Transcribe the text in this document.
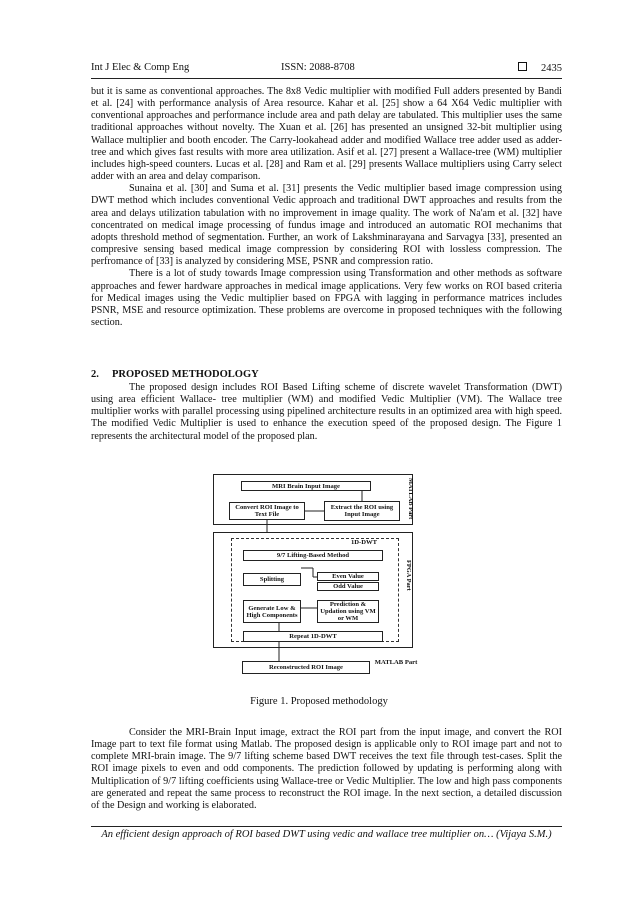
Int J Elec & Comp Eng	ISSN: 2088-8708	2435

but it is same as conventional approaches. The 8x8 Vedic multiplier with modified Full adders presented by Bandi et al. [24] with performance analysis of Area resource. Kahar et al. [25] show a 64 X64 Vedic multiplier with conventional approaches and performance include area and path delay are tabulated. This multiplier uses the same traditional approaches without novelty. The Xuan et al. [26] has presented an unsigned 32-bit multiplier using Wallace multiplier and booth encoder. The Carry-lookahead adder and modified Wallace tree adder used as adder-tree and which gives fast results with more area utilization. Asif et al. [27] present a Wallace-tree (WM) multiplier includes high-speed counters. Lucas et al. [28] and Ram et al. [29] presents Wallace multipliers using Carry select adder with an area and delay comparison.

Sunaina et al. [30] and Suma et al. [31] presents the Vedic multiplier based image compression using DWT method which includes conventional Vedic approach and traditional DWT approaches and results from the area and delays utilization tabulation with no improvement in image quality. The work of Na'am et al. [32] have concentrated on medical image processing of fundus image and introduced an automatic ROI mechanims that adopts threshold method of segmentation. Further, an work of Lakshminarayana and Sarvagya [33], presented an compresive sensing based medical image compression by considering ROI with lossless compression. The perfromance of [33] is analyzed by considering MSE, PSNR and compression ratio.

There is a lot of study towards Image compression using Transformation and other methods as software approaches and fewer hardware approaches in medical image applications. Very few works on ROI based criteria for Medical images using the Vedic multiplier based on FPGA with lagging in performance matrices includes PSNR, MSE and resource optimization. These problems are overcome in proposed techniques with the following section.

2. PROPOSED METHODOLOGY

The proposed design includes ROI Based Lifting scheme of discrete wavelet Transformation (DWT) using area efficient Wallace- tree multiplier (WM) and modified Vedic Multiplier (VM). The Wallace tree multiplier works with parallel processing using pipelined architecture results in an optimized area with high speed. The modified Vedic Multiplier is used to enhance the execution speed of the proposed design. The Figure 1 represents the architectural model of the proposed plan.

MRI Brain Input Image
Convert ROI Image to Text File
Extract the ROI using Input Image	MATLAB Part
1D-DWT
9/7 Lifting-Based Method
Splitting	Even Value
Odd Value
Generate Low & High Components
Prediction & Updation using VM or WM
Repeat 1D-DWT
FPGA Part
Reconstructed ROI Image
MATLAB Part
Figure 1. Proposed methodology

Consider the MRI-Brain Input image, extract the ROI part from the input image, and convert the ROI Image part to text file format using Matlab. The proposed design is applicable only to ROI image part and not to complete MRI-brain image. The 9/7 lifting scheme based DWT receives the text file through test-cases. Split the ROI image pixels to even and odd components. The prediction followed by updating is performing along with Multiplication of 9/7 lifting coefficients using Wallace-tree or Vedic Multiplier. The low and high pass components are generated and repeat the same process to reconstruct the ROI image. In the next section, a detailed discussion of the Design and working is elaborated.

An efficient design approach of ROI based DWT using vedic and wallace tree multiplier on… (Vijaya S.M.)
